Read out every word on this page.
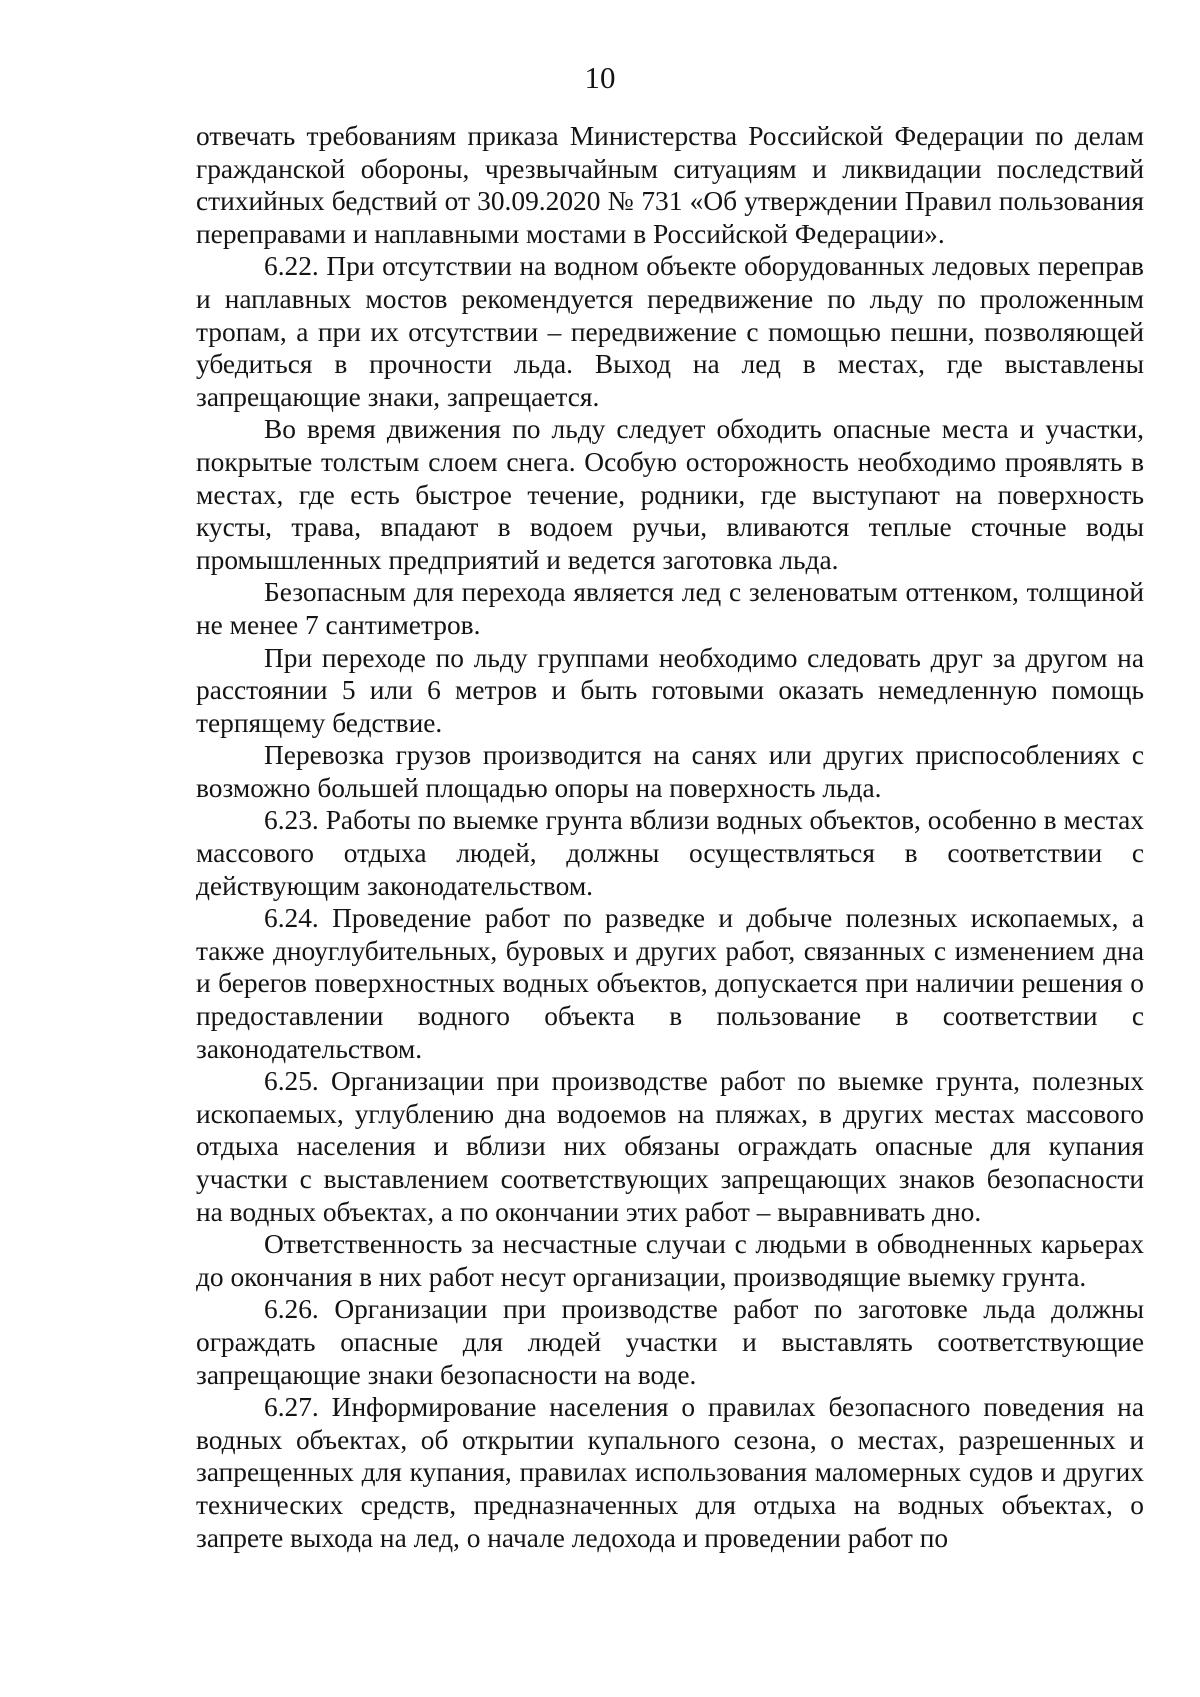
10

отвечать требованиям приказа Министерства Российской Федерации по делам гражданской обороны, чрезвычайным ситуациям и ликвидации последствий стихийных бедствий от 30.09.2020 № 731 «Об утверждении Правил пользования переправами и наплавными мостами в Российской Федерации».

6.22. При отсутствии на водном объекте оборудованных ледовых переправ и наплавных мостов рекомендуется передвижение по льду по проложенным тропам, а при их отсутствии – передвижение с помощью пешни, позволяющей убедиться в прочности льда. Выход на лед в местах, где выставлены запрещающие знаки, запрещается.

Во время движения по льду следует обходить опасные места и участки, покрытые толстым слоем снега. Особую осторожность необходимо проявлять в местах, где есть быстрое течение, родники, где выступают на поверхность кусты, трава, впадают в водоем ручьи, вливаются теплые сточные воды промышленных предприятий и ведется заготовка льда.

Безопасным для перехода является лед с зеленоватым оттенком, толщиной не менее 7 сантиметров.

При переходе по льду группами необходимо следовать друг за другом на расстоянии 5 или 6 метров и быть готовыми оказать немедленную помощь терпящему бедствие.

Перевозка грузов производится на санях или других приспособлениях с возможно большей площадью опоры на поверхность льда.

6.23. Работы по выемке грунта вблизи водных объектов, особенно в местах массового отдыха людей, должны осуществляться в соответствии с действующим законодательством.

6.24. Проведение работ по разведке и добыче полезных ископаемых, а также дноуглубительных, буровых и других работ, связанных с изменением дна и берегов поверхностных водных объектов, допускается при наличии решения о предоставлении водного объекта в пользование в соответствии с законодательством.

6.25. Организации при производстве работ по выемке грунта, полезных ископаемых, углублению дна водоемов на пляжах, в других местах массового отдыха населения и вблизи них обязаны ограждать опасные для купания участки с выставлением соответствующих запрещающих знаков безопасности на водных объектах, а по окончании этих работ – выравнивать дно.

Ответственность за несчастные случаи с людьми в обводненных карьерах до окончания в них работ несут организации, производящие выемку грунта.

6.26. Организации при производстве работ по заготовке льда должны ограждать опасные для людей участки и выставлять соответствующие запрещающие знаки безопасности на воде.

6.27. Информирование населения о правилах безопасного поведения на водных объектах, об открытии купального сезона, о местах, разрешенных и запрещенных для купания, правилах использования маломерных судов и других технических средств, предназначенных для отдыха на водных объектах, о запрете выхода на лед, о начале ледохода и проведении работ по
